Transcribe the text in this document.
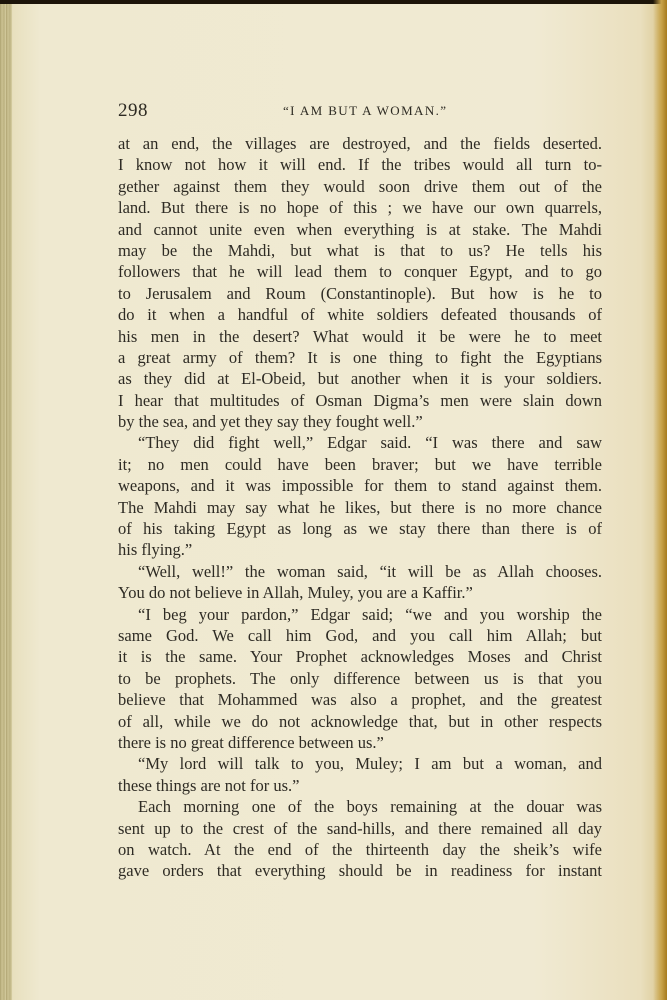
298	“I AM BUT A WOMAN.”
at an end, the villages are destroyed, and the fields deserted.
I know not how it will end. If the tribes would all turn to-
gether against them they would soon drive them out of the
land. But there is no hope of this ; we have our own quarrels,
and cannot unite even when everything is at stake. The Mahdi
may be the Mahdi, but what is that to us? He tells his
followers that he will lead them to conquer Egypt, and to go
to Jerusalem and Roum (Constantinople). But how is he to
do it when a handful of white soldiers defeated thousands of
his men in the desert? What would it be were he to meet
a great army of them? It is one thing to fight the Egyptians
as they did at El-Obeid, but another when it is your soldiers.
I hear that multitudes of Osman Digma’s men were slain down
by the sea, and yet they say they fought well.”
“They did fight well,” Edgar said. “I was there and saw
it; no men could have been braver; but we have terrible
weapons, and it was impossible for them to stand against them.
The Mahdi may say what he likes, but there is no more chance
of his taking Egypt as long as we stay there than there is of
his flying.”
“Well, well!” the woman said, “it will be as Allah chooses.
You do not believe in Allah, Muley, you are a Kaffir.”
“I beg your pardon,” Edgar said; “we and you worship the
same God. We call him God, and you call him Allah; but
it is the same. Your Prophet acknowledges Moses and Christ
to be prophets. The only difference between us is that you
believe that Mohammed was also a prophet, and the greatest
of all, while we do not acknowledge that, but in other respects
there is no great difference between us.”
“My lord will talk to you, Muley; I am but a woman, and
these things are not for us.”
Each morning one of the boys remaining at the douar was
sent up to the crest of the sand-hills, and there remained all day
on watch. At the end of the thirteenth day the sheik’s wife
gave orders that everything should be in readiness for instant
